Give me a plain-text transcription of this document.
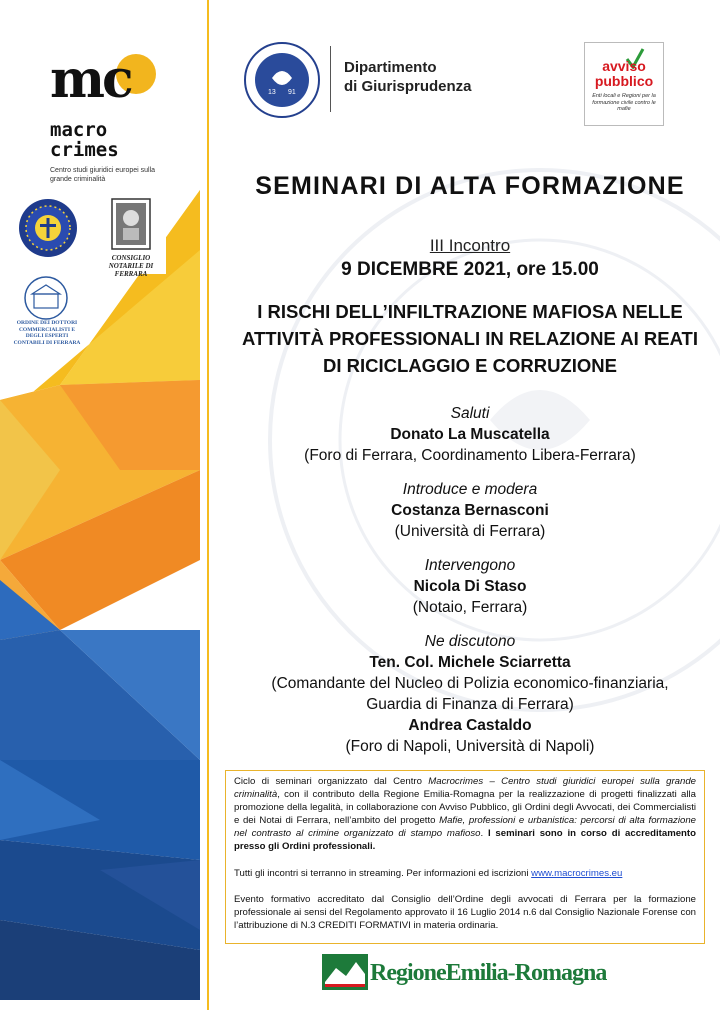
mc
macro
crimes
Centro studi giuridici europei sulla grande criminalità
CONSIGLIO NOTARILE DI FERRARA
ORDINE DEI DOTTORI COMMERCIALISTI E DEGLI ESPERTI CONTABILI DI FERRARA
13 91
Dipartimento
di Giurisprudenza
avviso
pubblico
Enti locali e Regioni per la formazione civile contro le mafie
SEMINARI DI ALTA FORMAZIONE
III Incontro
9 DICEMBRE 2021, ore 15.00
I RISCHI DELL’INFILTRAZIONE MAFIOSA NELLE
ATTIVITÀ PROFESSIONALI IN RELAZIONE AI REATI
DI RICICLAGGIO E CORRUZIONE
Saluti
Donato La Muscatella
(Foro di Ferrara, Coordinamento Libera-Ferrara)
Introduce e modera
Costanza Bernasconi
(Università di Ferrara)
Intervengono
Nicola Di Staso
(Notaio, Ferrara)
Ne discutono
Ten. Col. Michele Sciarretta
(Comandante del Nucleo di Polizia economico-finanziaria,
Guardia di Finanza di Ferrara)
Andrea Castaldo
(Foro di Napoli, Università di Napoli)
Ciclo di seminari organizzato dal Centro Macrocrimes – Centro studi giuridici europei sulla grande criminalità, con il contributo della Regione Emilia-Romagna per la realizzazione di progetti finalizzati alla promozione della legalità, in collaborazione con Avviso Pubblico, gli Ordini degli Avvocati, dei Commercialisti e dei Notai di Ferrara, nell’ambito del progetto Mafie, professioni e urbanistica: percorsi di alta formazione nel contrasto al crimine organizzato di stampo mafioso. I seminari sono in corso di accreditamento presso gli Ordini professionali.
Tutti gli incontri si terranno in streaming. Per informazioni ed iscrizioni www.macrocrimes.eu
Evento formativo accreditato dal Consiglio dell’Ordine degli avvocati di Ferrara per la formazione professionale ai sensi del Regolamento approvato il 16 Luglio 2014 n.6 dal Consiglio Nazionale Forense con l’attribuzione di N.3 CREDITI FORMATIVI in materia ordinaria.
RegioneEmilia-Romagna
